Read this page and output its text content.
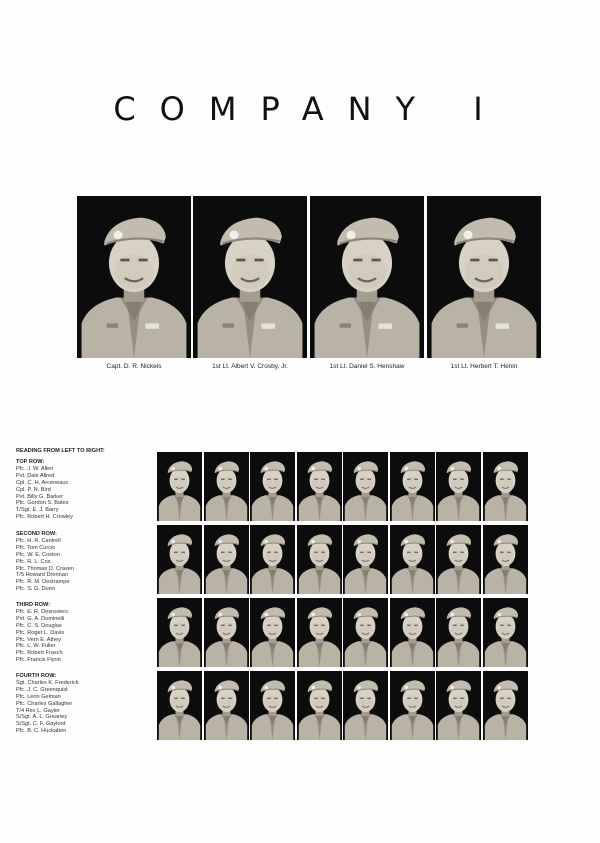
COMPANY I
Capt. D. R. Nickels	1st Lt. Albert V. Crosby, Jr.	1st Lt. Daniel S. Henshaw	1st Lt. Herbert T. Henin
READING FROM LEFT TO RIGHT:
TOP ROW:
Pfc. J. W. Allen
Pvt. Dale Allred
Cpl. C. H. Arceneaux
Cpl. P. N. Bird
Pvt. Billy G. Barker
Pfc. Gordon S. Bates
T/Sgt. E. J. Barry
Pfc. Robert H. Crowley
SECOND ROW:
Pfc. H. R. Cantrell
Pfc. Tom Curcio
Pfc. W. E. Coston
Pfc. R. L. Cox
Pfc. Thomas D. Craven
T/5 Howard Drennan
Pfc. R. M. Destrampe
Pfc. S. G. Dunn
THIRD ROW:
Pfc. E. R. Desrosiers
Pvt. G. A. Dominelli
Pfc. C. S. Douglas
Pfc. Roger L. Davis
Pfc. Vern E. Athey
Pfc. L. W. Fuller
Pfc. Robert Frasch
Pfc. Francis Flynn
FOURTH ROW:
Sgt. Charles K. Frederick
Pfc. J. C. Greenquist
Pfc. Leon Gelman
Pfc. Charles Gallagher
T/4 Rex L. Gayler
S/Sgt. A. L. Greaney
S/Sgt. C. F. Gaylord
Pfc. B. C. Huckaben
